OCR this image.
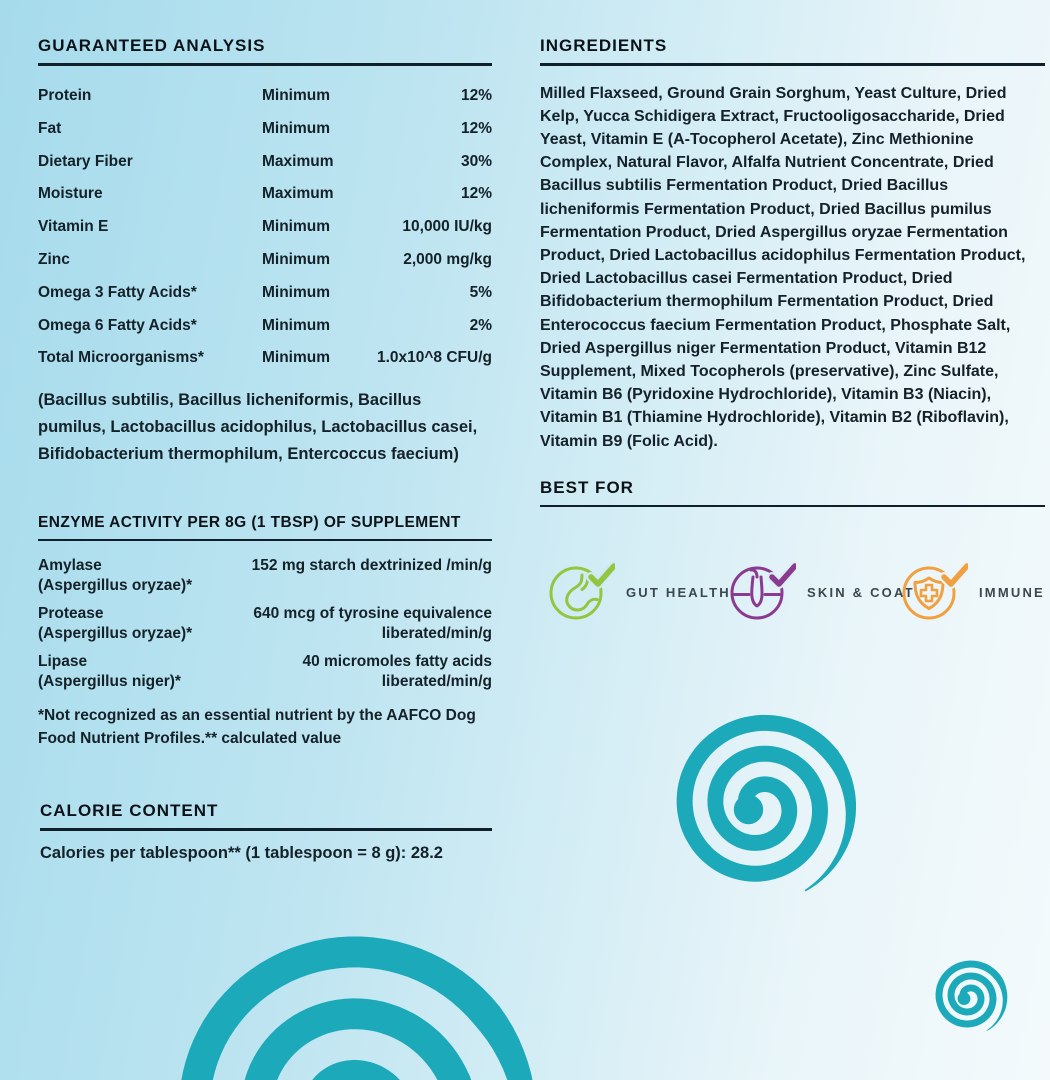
GUARANTEED ANALYSIS
Protein	Minimum	12%
Fat	Minimum	12%
Dietary Fiber	Maximum	30%
Moisture	Maximum	12%
Vitamin E	Minimum	10,000 IU/kg
Zinc	Minimum	2,000 mg/kg
Omega 3 Fatty Acids*	Minimum	5%
Omega 6 Fatty Acids*	Minimum	2%
Total Microorganisms*	Minimum	1.0x10^8 CFU/g

(Bacillus subtilis, Bacillus licheniformis, Bacillus pumilus, Lactobacillus acidophilus, Lactobacillus casei, Bifidobacterium thermophilum, Entercoccus faecium)

ENZYME ACTIVITY PER 8G (1 TBSP) OF SUPPLEMENT
Amylase
(Aspergillus oryzae)*
152 mg starch dextrinized /min/g
Protease
(Aspergillus oryzae)*
640 mcg of tyrosine equivalence liberated/min/g
Lipase
(Aspergillus niger)*
40 micromoles fatty acids liberated/min/g

*Not recognized as an essential nutrient by the AAFCO Dog Food Nutrient Profiles.** calculated value

CALORIE CONTENT

Calories per tablespoon** (1 tablespoon = 8 g): 28.2

INGREDIENTS

Milled Flaxseed, Ground Grain Sorghum, Yeast Culture, Dried Kelp, Yucca Schidigera Extract, Fructooligosaccharide, Dried Yeast, Vitamin E (A-Tocopherol Acetate), Zinc Methionine Complex, Natural Flavor, Alfalfa Nutrient Concentrate, Dried Bacillus subtilis Fermentation Product, Dried Bacillus licheniformis Fermentation Product, Dried Bacillus pumilus Fermentation Product, Dried Aspergillus oryzae Fermentation Product, Dried Lactobacillus acidophilus Fermentation Product, Dried Lactobacillus casei Fermentation Product, Dried Bifidobacterium thermophilum Fermentation Product, Dried Enterococcus faecium Fermentation Product, Phosphate Salt, Dried Aspergillus niger Fermentation Product, Vitamin B12 Supplement, Mixed Tocopherols (preservative), Zinc Sulfate, Vitamin B6 (Pyridoxine Hydrochloride), Vitamin B3 (Niacin), Vitamin B1 (Thiamine Hydrochloride), Vitamin B2 (Riboflavin), Vitamin B9 (Folic Acid).

BEST FOR
GUT HEALTH	SKIN & COAT	IMMUNE
